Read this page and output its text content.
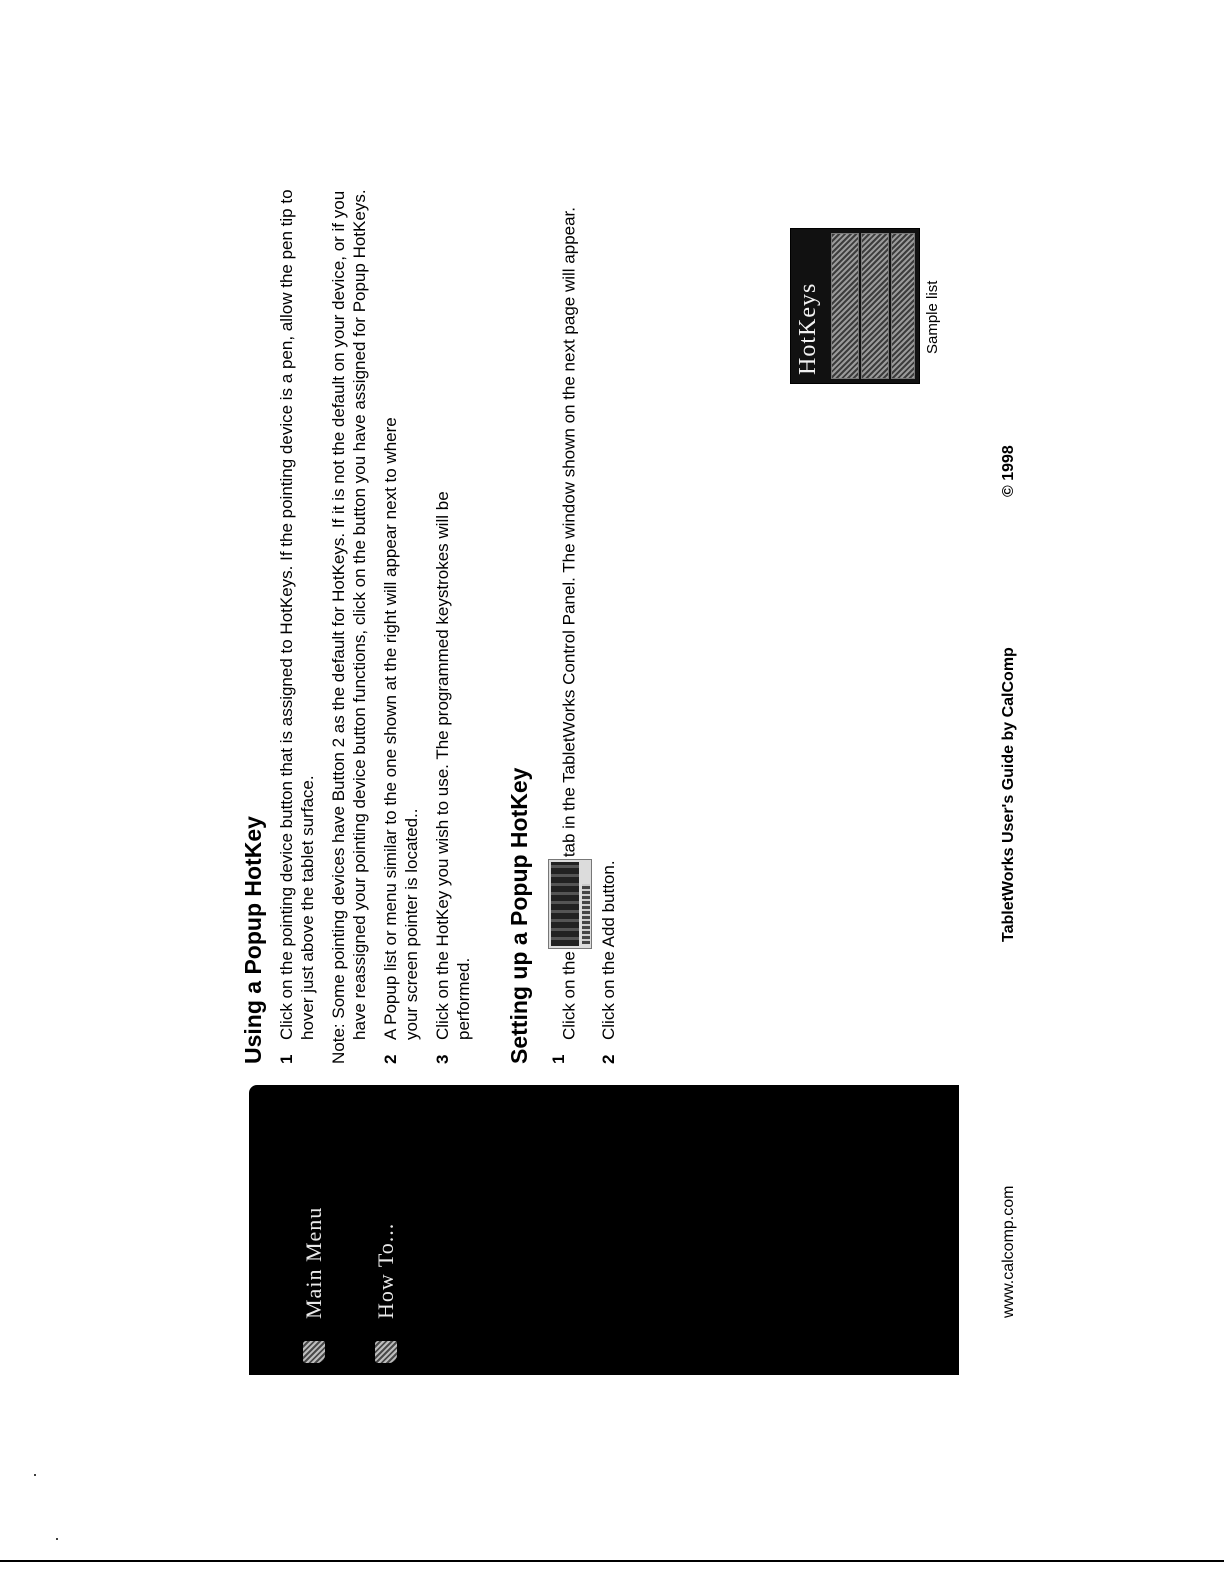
Main Menu How To...
Using a Popup HotKey 1
Click on the pointing device button that is assigned to HotKeys. If the pointing device is a pen, allow the pen tip to hover just above the tablet surface. Note: Some pointing devices have Button 2 as the default for HotKeys. If it is not the default on your device, or if you have reassigned your pointing device button functions, click on the button you have assigned for Popup HotKeys.

2
A Popup list or menu similar to the one shown at the right will appear next to where your screen pointer is located..

3
Click on the HotKey you wish to use. The programmed keystrokes will be performed. Setting up a Popup HotKey 1
Click on the
tab in the TabletWorks Control Panel. The window shown on the next page will appear.

2
Click on the Add button.

HotKeys	Sample list
www.calcomp.com
TabletWorks User's Guide by CalComp
© 1998
